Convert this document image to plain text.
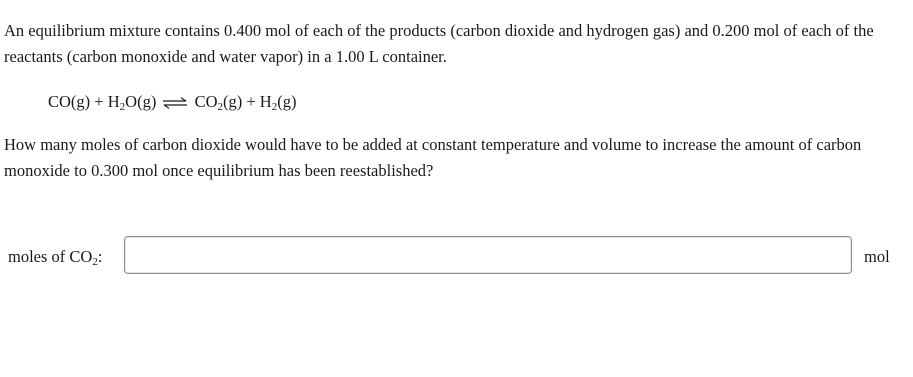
An equilibrium mixture contains 0.400 mol of each of the products (carbon dioxide and hydrogen gas) and 0.200 mol of each of the reactants (carbon monoxide and water vapor) in a 1.00 L container.

$CO(g) + H_2O(g)$ ⇌ $CO_2(g) + H_2(g)$

How many moles of carbon dioxide would have to be added at constant temperature and volume to increase the amount of carbon monoxide to 0.300 mol once equilibrium has been reestablished?

moles of $CO_2$:	mol
